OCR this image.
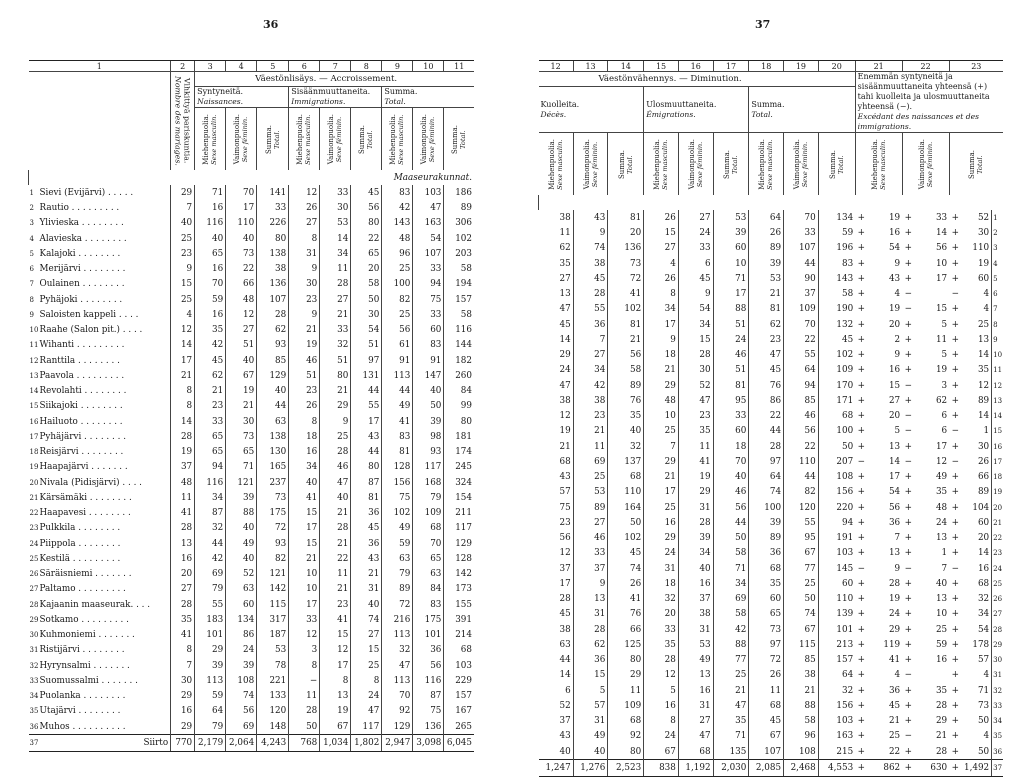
36	37
1		2	3	4	5	6	7	8	9	10	11

		Vihkittyä pariskuntia.
Nombre des mariages.	Väestönlisäys. — Accroissement.								
			Syntyneitä.
Naissances.			Sisäänmuuttaneita.
Immigrations.			Summa.
Total.		

			Miehenpuolia.
Sexe masculin.	Vaimonpuolia.
Sexe féminin.	Summa.
Total.	Miehenpuolia.
Sexe masculin.	Vaimonpuolia.
Sexe féminin.	Summa.
Total.	Miehenpuolia.
Sexe masculin.	Vaimonpuolia.
Sexe féminin.	Summa.
Total.

Maaseurakunnat.											
1	Sievi (Evijärvi) . . . . .	29	71	70	141	12	33	45	83	103	186
2	Rautio . . . . . . . . .	7	16	17	33	26	30	56	42	47	89
3	Ylivieska . . . . . . . .	40	116	110	226	27	53	80	143	163	306
4	Alavieska . . . . . . . .	25	40	40	80	8	14	22	48	54	102
5	Kalajoki . . . . . . . .	23	65	73	138	31	34	65	96	107	203
6	Merijärvi . . . . . . . .	9	16	22	38	9	11	20	25	33	58
7	Oulainen . . . . . . . .	15	70	66	136	30	28	58	100	94	194
8	Pyhäjoki . . . . . . . .	25	59	48	107	23	27	50	82	75	157
9	Saloisten kappeli . . . .	4	16	12	28	9	21	30	25	33	58
10	Raahe (Salon pit.) . . . .	12	35	27	62	21	33	54	56	60	116
11	Wihanti . . . . . . . . .	14	42	51	93	19	32	51	61	83	144
12	Ranttila . . . . . . . .	17	45	40	85	46	51	97	91	91	182
13	Paavola . . . . . . . . .	21	62	67	129	51	80	131	113	147	260
14	Revolahti . . . . . . . .	8	21	19	40	23	21	44	44	40	84
15	Siikajoki . . . . . . . .	8	23	21	44	26	29	55	49	50	99
16	Hailuoto . . . . . . . .	14	33	30	63	8	9	17	41	39	80
17	Pyhäjärvi . . . . . . . .	28	65	73	138	18	25	43	83	98	181
18	Reisjärvi . . . . . . . .	19	65	65	130	16	28	44	81	93	174
19	Haapajärvi . . . . . . .	37	94	71	165	34	46	80	128	117	245
20	Nivala (Pidisjärvi) . . . .	48	116	121	237	40	47	87	156	168	324
21	Kärsämäki . . . . . . . .	11	34	39	73	41	40	81	75	79	154
22	Haapavesi . . . . . . . .	41	87	88	175	15	21	36	102	109	211
23	Pulkkila . . . . . . . .	28	32	40	72	17	28	45	49	68	117
24	Piippola . . . . . . . .	13	44	49	93	15	21	36	59	70	129
25	Kestilä . . . . . . . . .	16	42	40	82	21	22	43	63	65	128
26	Säräisniemi . . . . . . .	20	69	52	121	10	11	21	79	63	142
27	Paltamo . . . . . . . . .	27	79	63	142	10	21	31	89	84	173
28	Kajaanin maaseurak. . . .	28	55	60	115	17	23	40	72	83	155
29	Sotkamo . . . . . . . . .	35	183	134	317	33	41	74	216	175	391
30	Kuhmoniemi . . . . . . .	41	101	86	187	12	15	27	113	101	214
31	Ristijärvi . . . . . . . .	8	29	24	53	3	12	15	32	36	68
32	Hyrynsalmi . . . . . . .	7	39	39	78	8	17	25	47	56	103
33	Suomussalmi . . . . . . .	30	113	108	221	−	8	8	113	116	229
34	Puolanka . . . . . . . .	29	59	74	133	11	13	24	70	87	157
35	Utajärvi . . . . . . . .	16	64	56	120	28	19	47	92	75	167
36	Muhos . . . . . . . . . .	29	79	69	148	50	67	117	129	136	265
37	Siirto	770	2,179	2,064	4,243	768	1,034	1,802	2,947	3,098	6,045
12	13	14	15	16	17	18	19	20	21		22		23		
Väestönvähennys. — Diminution.									Enemmän syntyneitä ja sisäänmuuttaneita yhteensä (+) tahi kuolleita ja ulosmuuttaneita yhteensä (−).
Excédant des naissances et des immigrations.						

Kuolleita.
Décès.			Ulosmuuttaneita.
Émigrations.			Summa.
Total.									

Miehenpuolia.
Sexe masculin.	Vaimonpuolia.
Sexe féminin.	Summa.
Total.	Miehenpuolia.
Sexe masculin.	Vaimonpuolia.
Sexe féminin.	Summa.
Total.	Miehenpuolia.
Sexe masculin.	Vaimonpuolia.
Sexe féminin.	Summa.
Total.	Miehenpuolia.
Sexe masculin.		Vaimonpuolia.
Sexe féminin.		Summa.
Total.		

38	43	81	26	27	53	64	70	134	+	19	+	33	+	52	1
11	9	20	15	24	39	26	33	59	+	16	+	14	+	30	2
62	74	136	27	33	60	89	107	196	+	54	+	56	+	110	3
35	38	73	4	6	10	39	44	83	+	9	+	10	+	19	4
27	45	72	26	45	71	53	90	143	+	43	+	17	+	60	5
13	28	41	8	9	17	21	37	58	+	4	−		−	4	6
47	55	102	34	54	88	81	109	190	+	19	−	15	+	4	7
45	36	81	17	34	51	62	70	132	+	20	+	5	+	25	8
14	7	21	9	15	24	23	22	45	+	2	+	11	+	13	9
29	27	56	18	28	46	47	55	102	+	9	+	5	+	14	10
24	34	58	21	30	51	45	64	109	+	16	+	19	+	35	11
47	42	89	29	52	81	76	94	170	+	15	−	3	+	12	12
38	38	76	48	47	95	86	85	171	+	27	+	62	+	89	13
12	23	35	10	23	33	22	46	68	+	20	−	6	+	14	14
19	21	40	25	35	60	44	56	100	+	5	−	6	−	1	15
21	11	32	7	11	18	28	22	50	+	13	+	17	+	30	16
68	69	137	29	41	70	97	110	207	−	14	−	12	−	26	17
43	25	68	21	19	40	64	44	108	+	17	+	49	+	66	18
57	53	110	17	29	46	74	82	156	+	54	+	35	+	89	19
75	89	164	25	31	56	100	120	220	+	56	+	48	+	104	20
23	27	50	16	28	44	39	55	94	+	36	+	24	+	60	21
56	46	102	29	39	50	89	95	191	+	7	+	13	+	20	22
12	33	45	24	34	58	36	67	103	+	13	+	1	+	14	23
37	37	74	31	40	71	68	77	145	−	9	−	7	−	16	24
17	9	26	18	16	34	35	25	60	+	28	+	40	+	68	25
28	13	41	32	37	69	60	50	110	+	19	+	13	+	32	26
45	31	76	20	38	58	65	74	139	+	24	+	10	+	34	27
38	28	66	33	31	42	73	67	101	+	29	+	25	+	54	28
63	62	125	35	53	88	97	115	213	+	119	+	59	+	178	29
44	36	80	28	49	77	72	85	157	+	41	+	16	+	57	30
14	15	29	12	13	25	26	38	64	+	4	−		+	4	31
6	5	11	5	16	21	11	21	32	+	36	+	35	+	71	32
52	57	109	16	31	47	68	88	156	+	45	+	28	+	73	33
37	31	68	8	27	35	45	58	103	+	21	+	29	+	50	34
43	49	92	24	47	71	67	96	163	+	25	−	21	+	4	35
40	40	80	67	68	135	107	108	215	+	22	+	28	+	50	36
1,247	1,276	2,523	838	1,192	2,030	2,085	2,468	4,553	+	862	+	630	+	1,492	37
